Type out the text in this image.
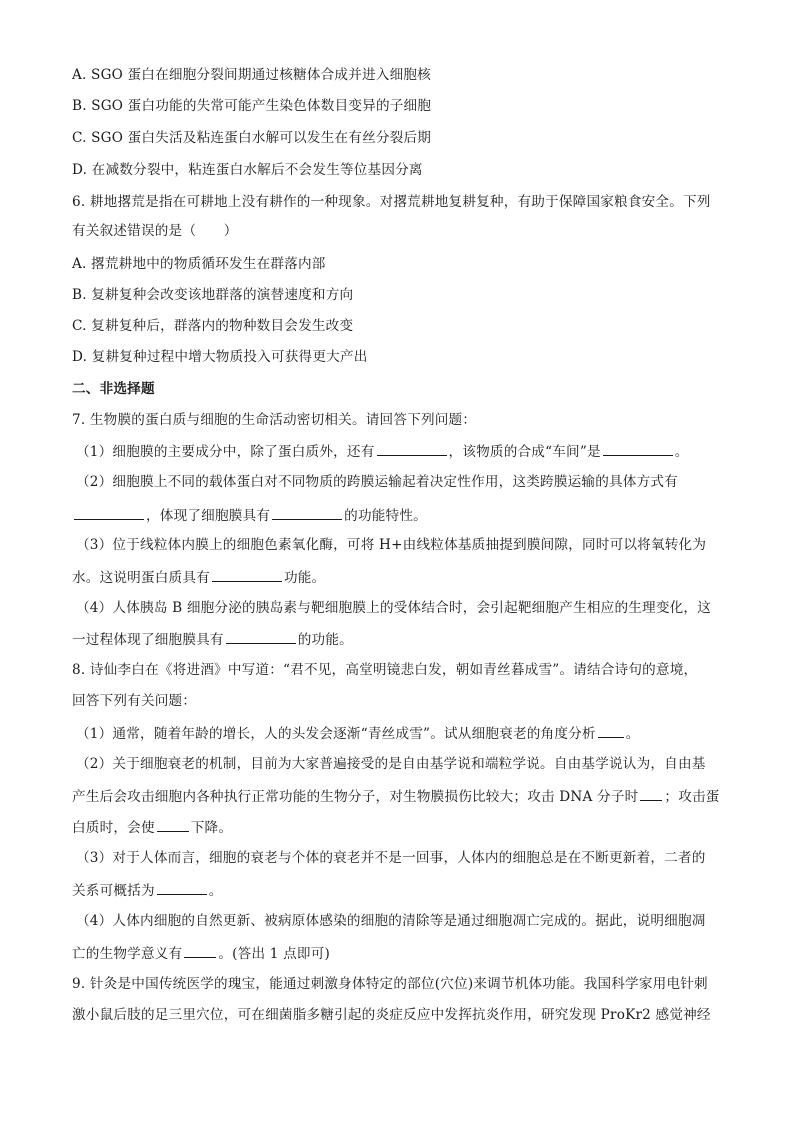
A. SGO 蛋白在细胞分裂间期通过核糖体合成并进入细胞核
B. SGO 蛋白功能的失常可能产生染色体数目变异的子细胞
C. SGO 蛋白失活及粘连蛋白水解可以发生在有丝分裂后期
D. 在减数分裂中，粘连蛋白水解后不会发生等位基因分离
6. 耕地撂荒是指在可耕地上没有耕作的一种现象。对撂荒耕地复耕复种，有助于保障国家粮食安全。下列
有关叙述错误的是（　　）
A. 撂荒耕地中的物质循环发生在群落内部
B. 复耕复种会改变该地群落的演替速度和方向
C. 复耕复种后，群落内的物种数目会发生改变
D. 复耕复种过程中增大物质投入可获得更大产出
二、非选择题
7. 生物膜的蛋白质与细胞的生命活动密切相关。请回答下列问题：
（1）细胞膜的主要成分中，除了蛋白质外，还有	，该物质的合成“车间”是	。
（2）细胞膜上不同的载体蛋白对不同物质的跨膜运输起着决定性作用，这类跨膜运输的具体方式有
，体现了细胞膜具有	的功能特性。
（3）位于线粒体内膜上的细胞色素氧化酶，可将 H+由线粒体基质抽提到膜间隙，同时可以将氧转化为
水。这说明蛋白质具有	功能。
（4）人体胰岛 B 细胞分泌的胰岛素与靶细胞膜上的受体结合时，会引起靶细胞产生相应的生理变化，这
一过程体现了细胞膜具有	的功能。
8. 诗仙李白在《将进酒》中写道：“君不见，高堂明镜悲白发，朝如青丝暮成雪”。请结合诗句的意境，
回答下列有关问题：
（1）通常，随着年龄的增长，人的头发会逐渐“青丝成雪”。试从细胞衰老的角度分析 。
（2）关于细胞衰老的机制，目前为大家普遍接受的是自由基学说和端粒学说。自由基学说认为，自由基
产生后会攻击细胞内各种执行正常功能的生物分子，对生物膜损伤比较大；攻击 DNA 分子时 ；攻击蛋
白质时，会使	下降。
（3）对于人体而言，细胞的衰老与个体的衰老并不是一回事，人体内的细胞总是在不断更新着，二者的
关系可概括为	。
（4）人体内细胞的自然更新、被病原体感染的细胞的清除等是通过细胞凋亡完成的。据此，说明细胞凋
亡的生物学意义有	。(答出 1 点即可)
9. 针灸是中国传统医学的瑰宝，能通过刺激身体特定的部位(穴位)来调节机体功能。我国科学家用电针刺
激小鼠后肢的足三里穴位，可在细菌脂多糖引起的炎症反应中发挥抗炎作用，研究发现 ProKr2 感觉神经
